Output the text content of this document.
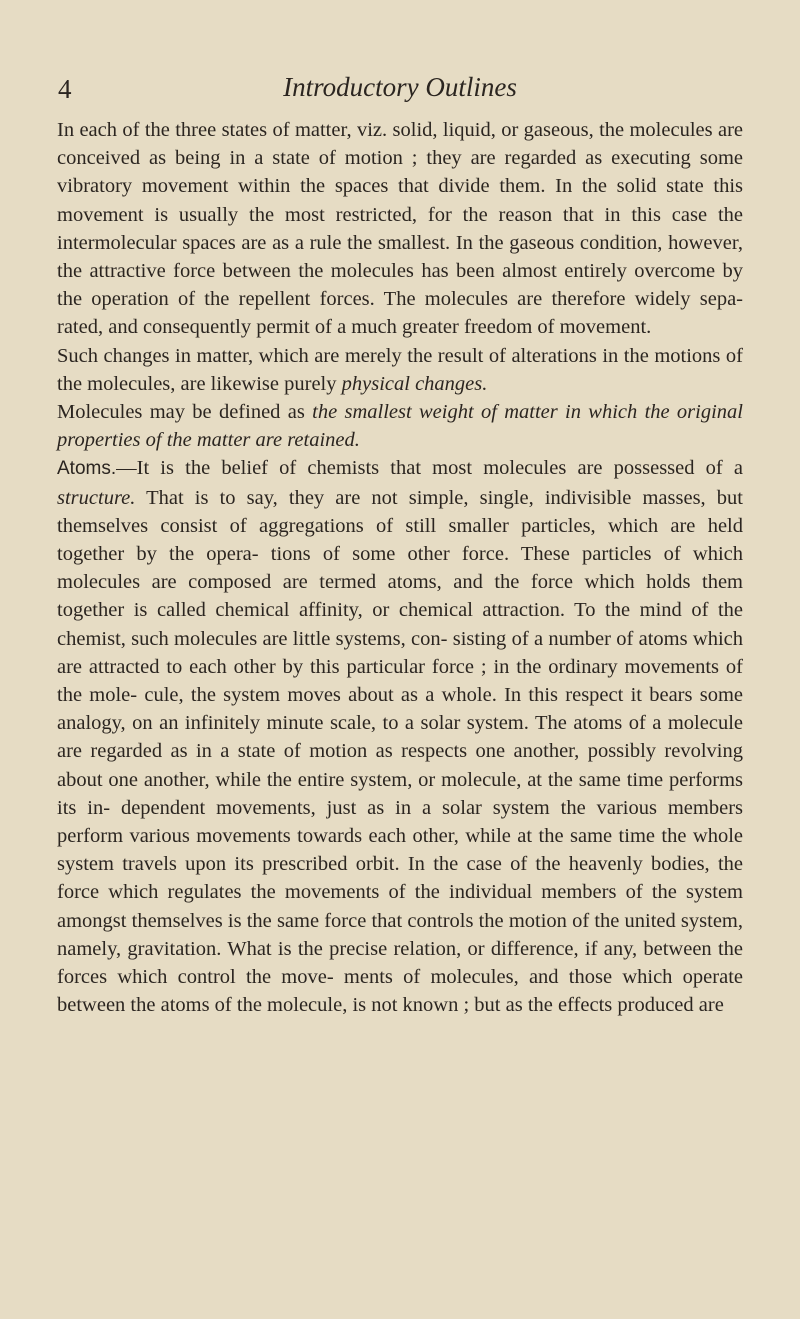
4	Introductory Outlines

In each of the three states of matter, viz. solid, liquid, or gaseous, the molecules are conceived as being in a state of motion ; they are regarded as executing some vibratory movement within the spaces that divide them. In the solid state this movement is usually the most restricted, for the reason that in this case the intermolecular spaces are as a rule the smallest. In the gaseous condition, however, the attractive force between the molecules has been almost entirely overcome by the operation of the repellent forces. The molecules are therefore widely sepa- rated, and consequently permit of a much greater freedom of movement.

Such changes in matter, which are merely the result of alterations in the motions of the molecules, are likewise purely physical changes.

Molecules may be defined as the smallest weight of matter in which the original properties of the matter are retained.

Atoms.—It is the belief of chemists that most molecules are possessed of a structure. That is to say, they are not simple, single, indivisible masses, but themselves consist of aggregations of still smaller particles, which are held together by the opera- tions of some other force. These particles of which molecules are composed are termed atoms, and the force which holds them together is called chemical affinity, or chemical attraction. To the mind of the chemist, such molecules are little systems, con- sisting of a number of atoms which are attracted to each other by this particular force ; in the ordinary movements of the mole- cule, the system moves about as a whole. In this respect it bears some analogy, on an infinitely minute scale, to a solar system. The atoms of a molecule are regarded as in a state of motion as respects one another, possibly revolving about one another, while the entire system, or molecule, at the same time performs its in- dependent movements, just as in a solar system the various members perform various movements towards each other, while at the same time the whole system travels upon its prescribed orbit. In the case of the heavenly bodies, the force which regulates the movements of the individual members of the system amongst themselves is the same force that controls the motion of the united system, namely, gravitation. What is the precise relation, or difference, if any, between the forces which control the move- ments of molecules, and those which operate between the atoms of the molecule, is not known ; but as the effects produced are
